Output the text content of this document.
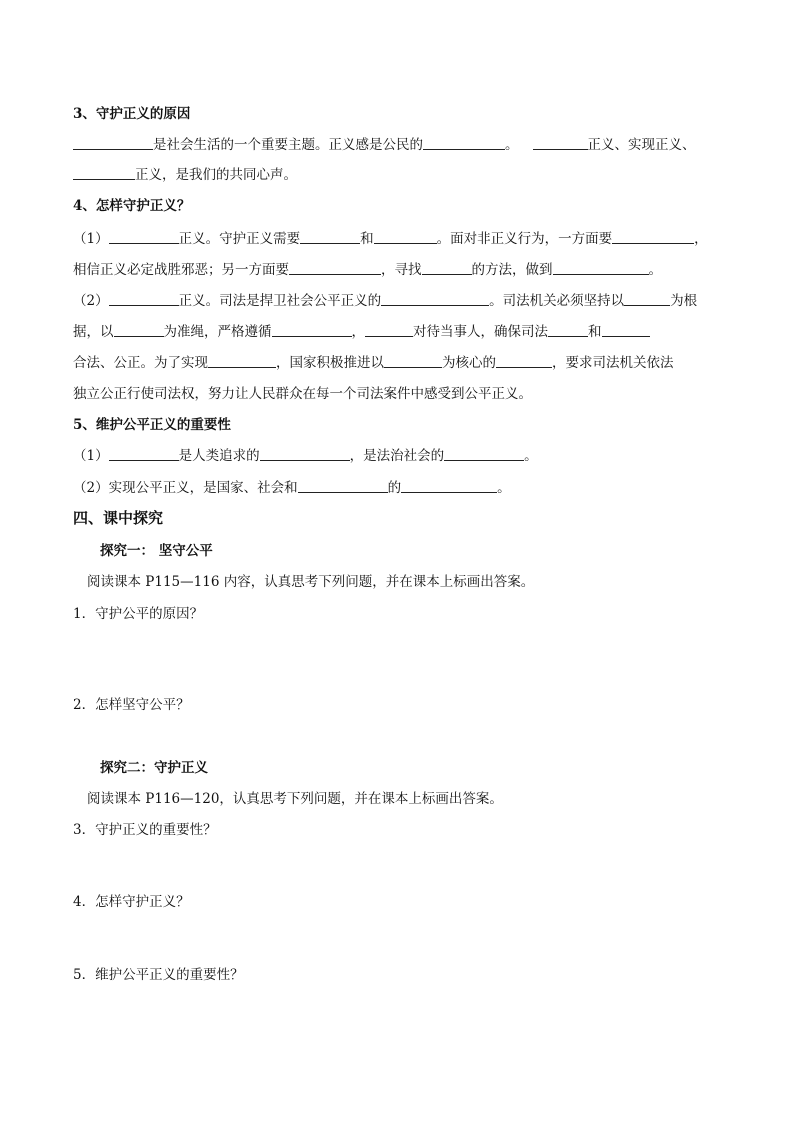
3、守护正义的原因
是社会生活的一个重要主题。正义感是公民的	。	正义、实现正义、
正义，是我们的共同心声。
4、怎样守护正义？
（1）	正义。守护正义需要	和	。面对非正义行为，一方面要	，
相信正义必定战胜邪恶；另一方面要	，寻找	的方法，做到	。
（2）	正义。司法是捍卫社会公平正义的	。司法机关必须坚持以	为根
据，以	为准绳，严格遵循	，	对待当事人，确保司法	和
合法、公正。为了实现	，国家积极推进以	为核心的	，要求司法机关依法
独立公正行使司法权，努力让人民群众在每一个司法案件中感受到公平正义。
5、维护公平正义的重要性
（1）	是人类追求的	，是法治社会的	。
（2）实现公平正义，是国家、社会和	的	。
四、课中探究
探究一： 坚守公平
阅读课本 P115—116 内容，认真思考下列问题，并在课本上标画出答案。
1．守护公平的原因？
2．怎样坚守公平？
探究二：守护正义
阅读课本 P116—120，认真思考下列问题，并在课本上标画出答案。
3．守护正义的重要性？
4．怎样守护正义？
5．维护公平正义的重要性？
